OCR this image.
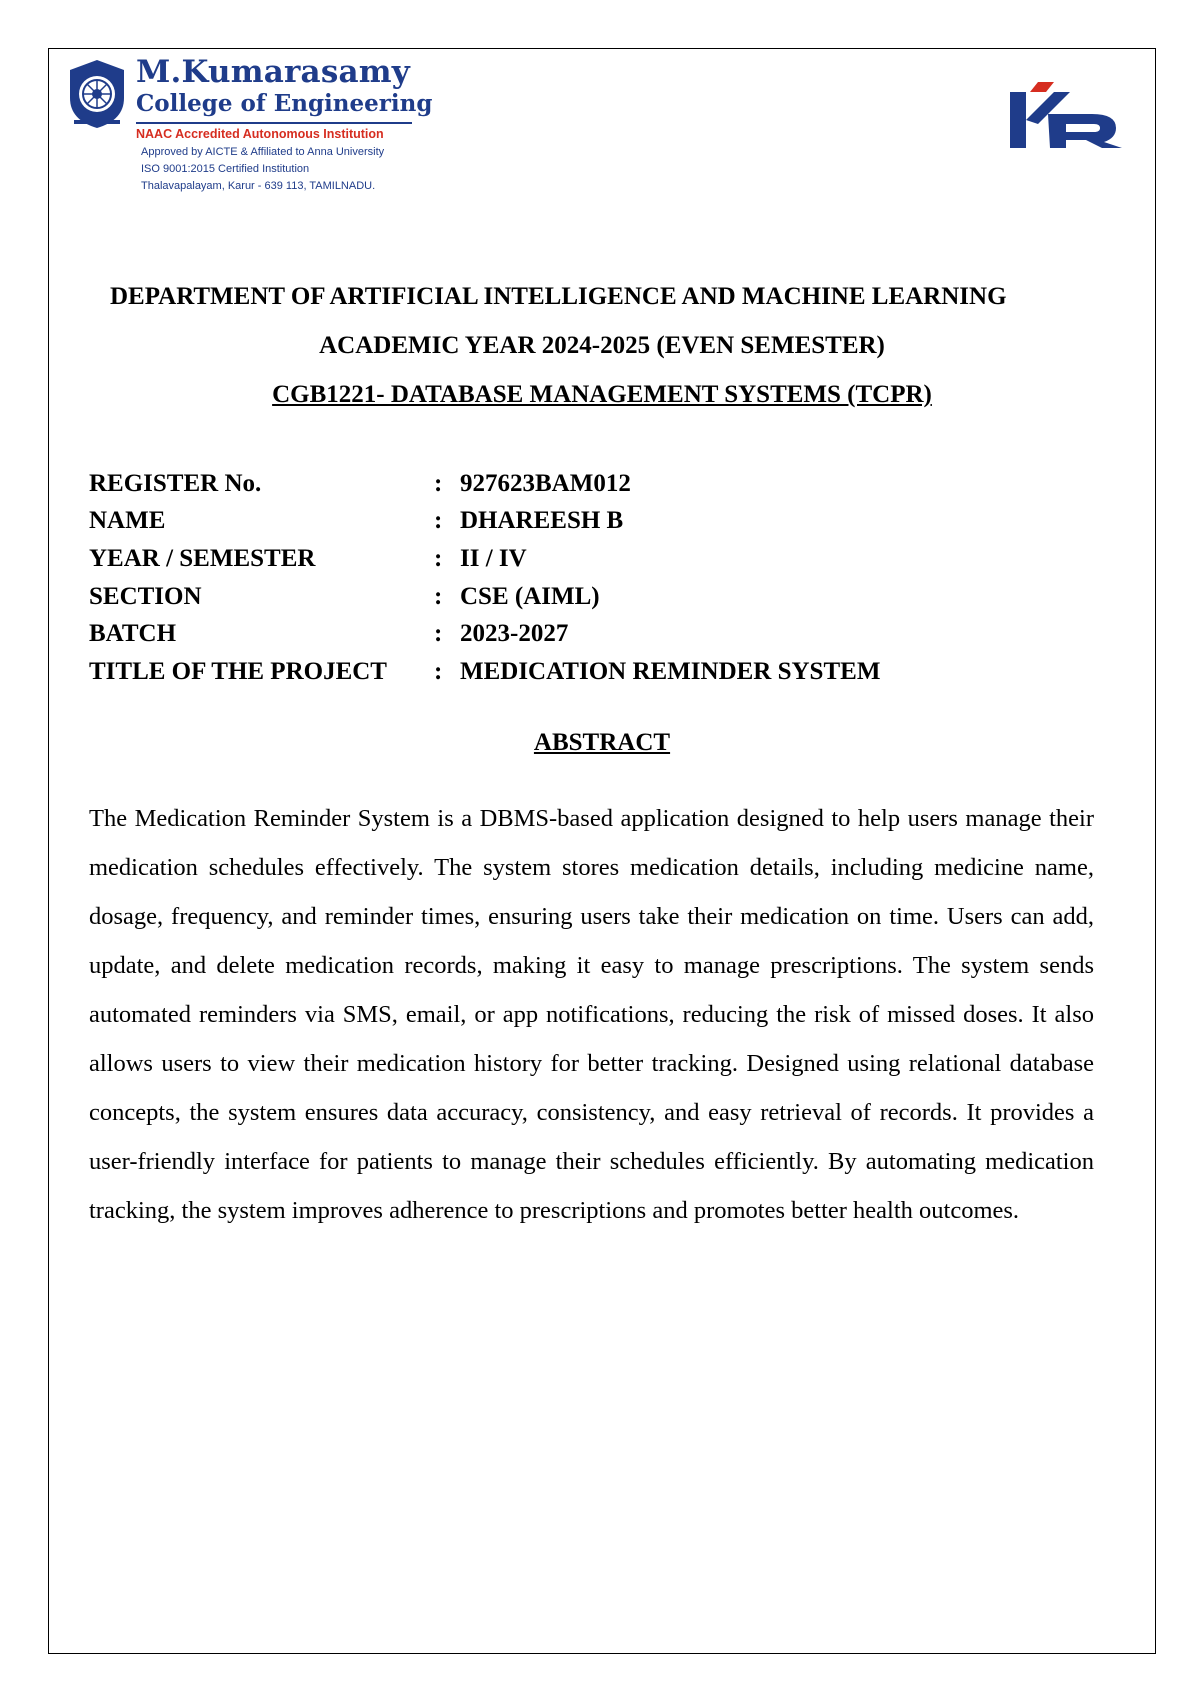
M.Kumarasamy
College of Engineering
NAAC Accredited Autonomous Institution
Approved by AICTE & Affiliated to Anna University
ISO 9001:2015 Certified Institution
Thalavapalayam, Karur - 639 113, TAMILNADU.
DEPARTMENT OF ARTIFICIAL INTELLIGENCE AND MACHINE LEARNING
ACADEMIC YEAR 2024-2025 (EVEN SEMESTER)
CGB1221- DATABASE MANAGEMENT SYSTEMS (TCPR)
REGISTER No.	: 927623BAM012
NAME	: DHAREESH B
YEAR / SEMESTER	: II / IV
SECTION	: CSE (AIML)
BATCH	: 2023-2027
TITLE OF THE PROJECT	: MEDICATION REMINDER SYSTEM
ABSTRACT
The Medication Reminder System is a DBMS-based application designed to help users manage their medication schedules effectively. The system stores medication details, including medicine name, dosage, frequency, and reminder times, ensuring users take their medication on time. Users can add, update, and delete medication records, making it easy to manage prescriptions. The system sends automated reminders via SMS, email, or app notifications, reducing the risk of missed doses. It also allows users to view their medication history for better tracking. Designed using relational database concepts, the system ensures data accuracy, consistency, and easy retrieval of records. It provides a user-friendly interface for patients to manage their schedules efficiently. By automating medication tracking, the system improves adherence to prescriptions and promotes better health outcomes.
